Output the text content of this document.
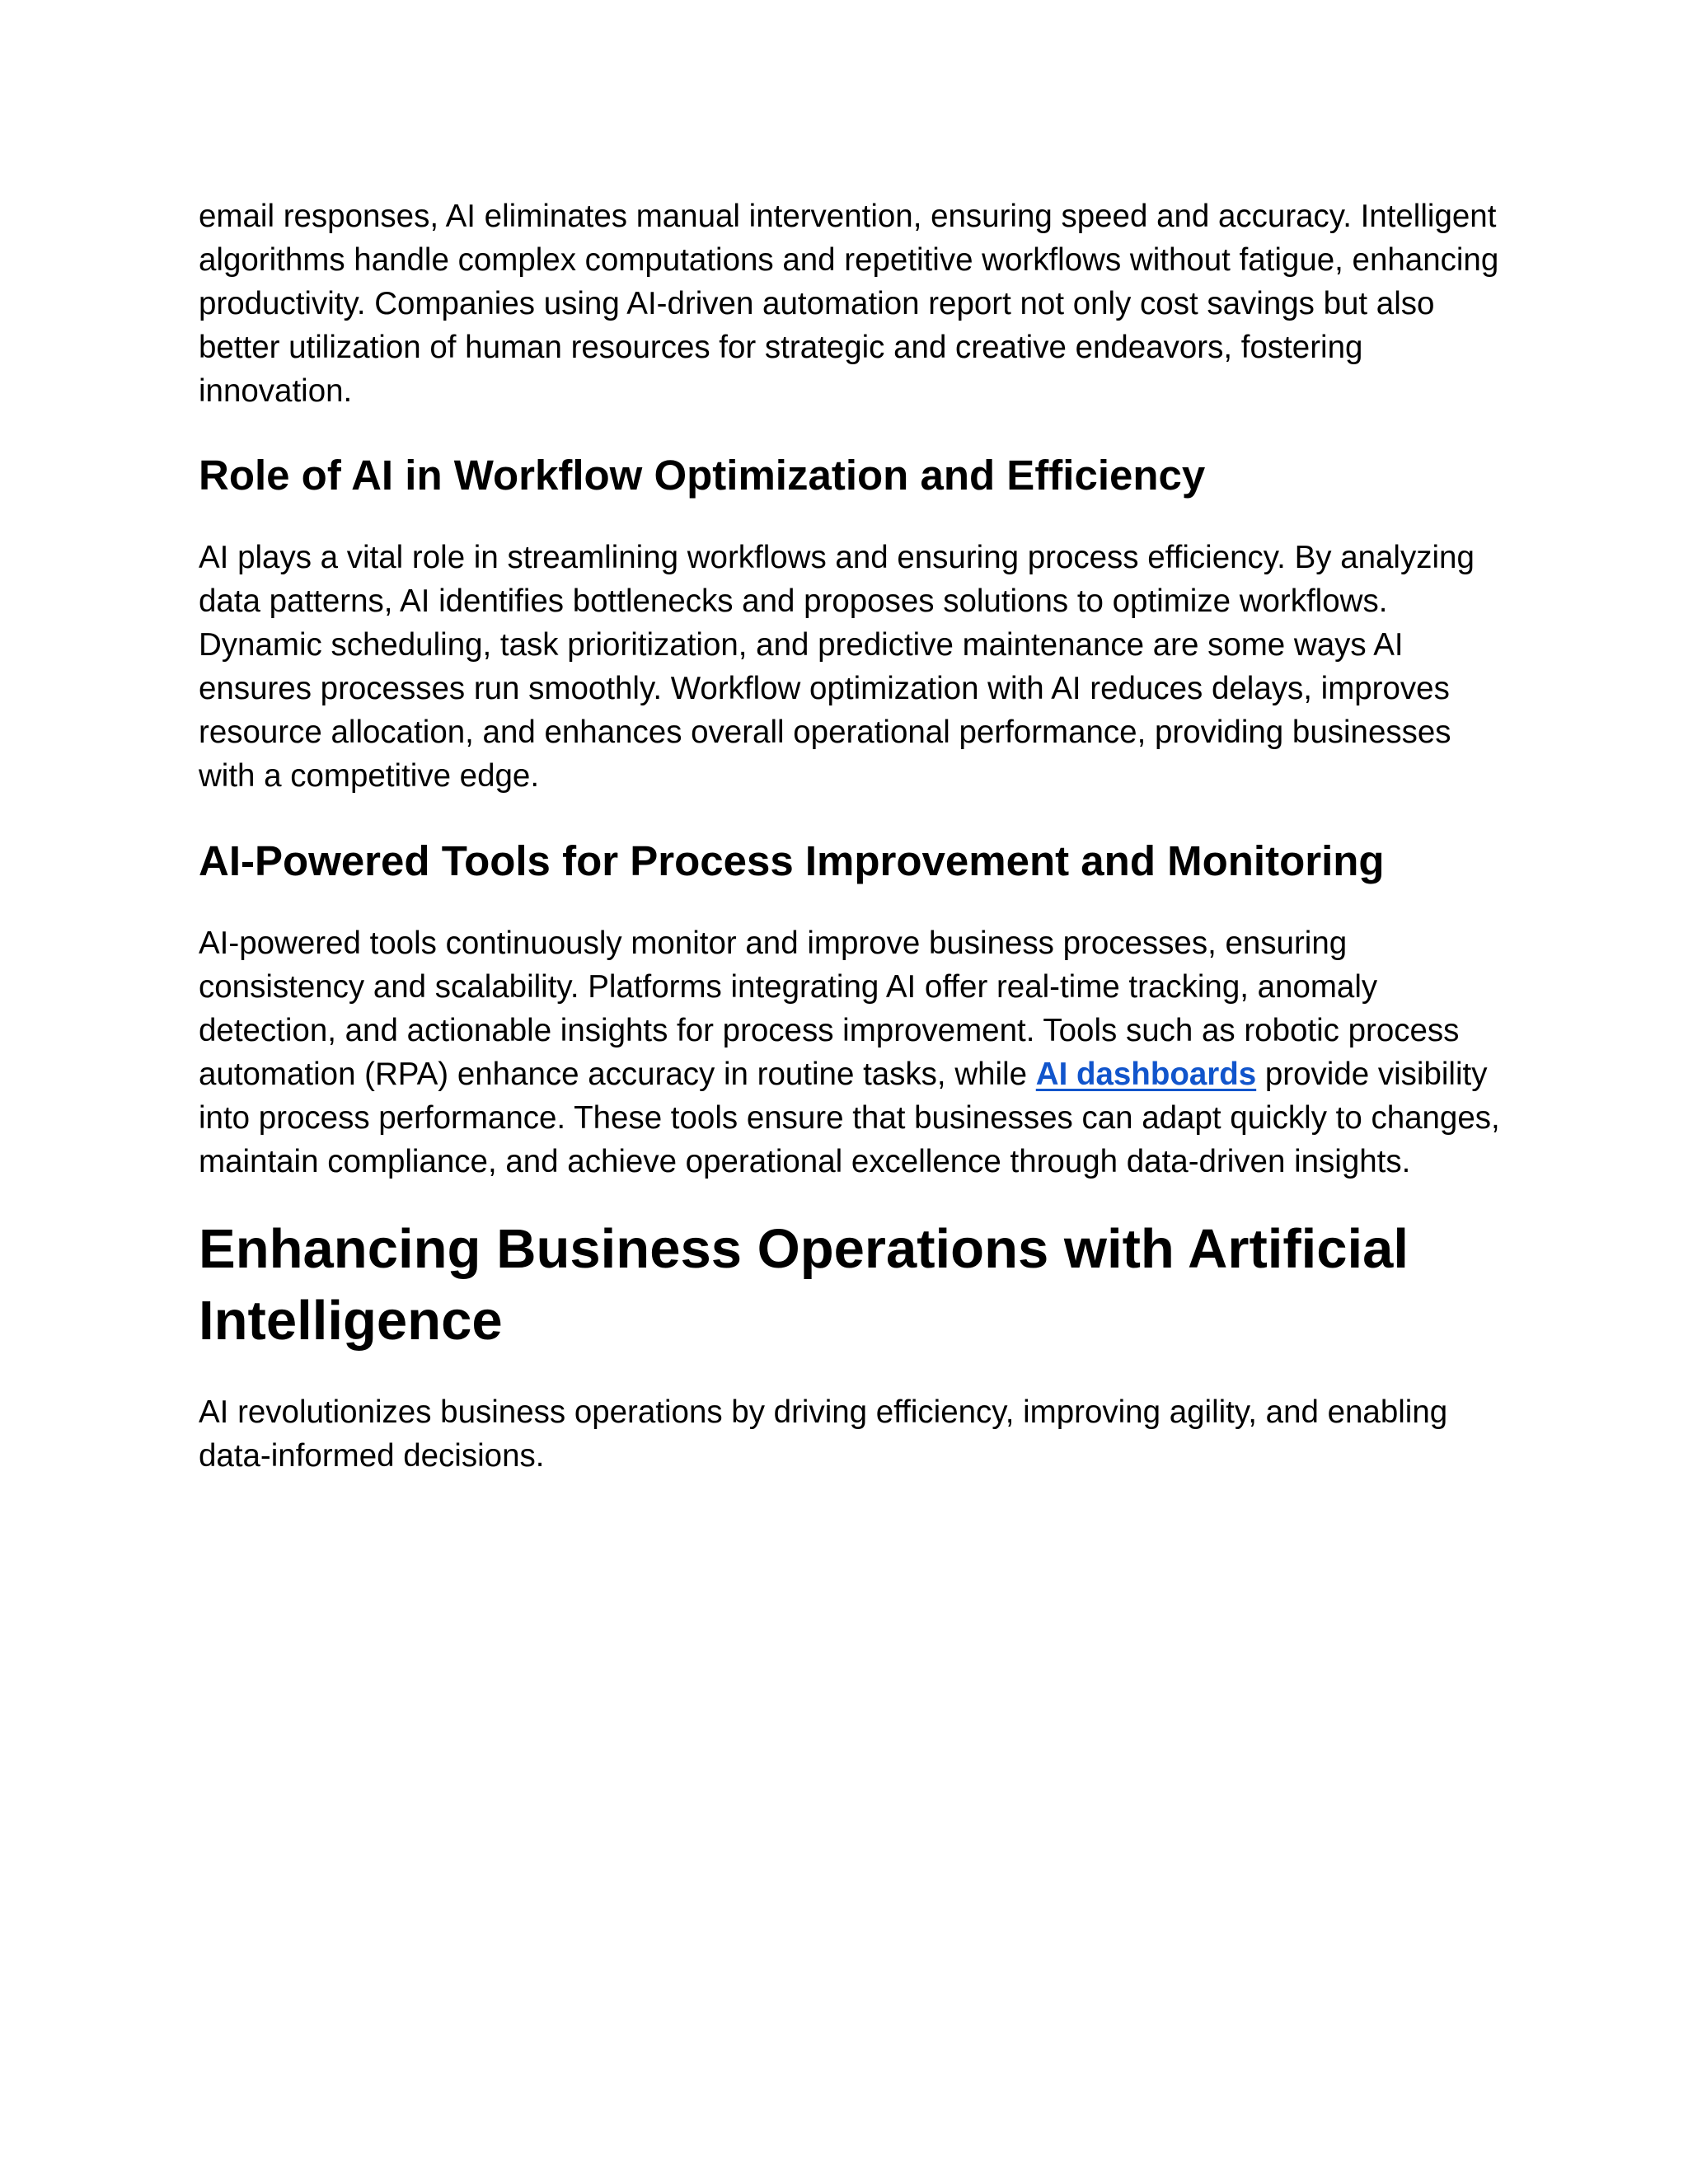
email responses, AI eliminates manual intervention, ensuring speed and accuracy. Intelligent algorithms handle complex computations and repetitive workflows without fatigue, enhancing productivity. Companies using AI-driven automation report not only cost savings but also better utilization of human resources for strategic and creative endeavors, fostering innovation.

Role of AI in Workflow Optimization and Efficiency

AI plays a vital role in streamlining workflows and ensuring process efficiency. By analyzing data patterns, AI identifies bottlenecks and proposes solutions to optimize workflows. Dynamic scheduling, task prioritization, and predictive maintenance are some ways AI ensures processes run smoothly. Workflow optimization with AI reduces delays, improves resource allocation, and enhances overall operational performance, providing businesses with a competitive edge.

AI-Powered Tools for Process Improvement and Monitoring

AI-powered tools continuously monitor and improve business processes, ensuring consistency and scalability. Platforms integrating AI offer real-time tracking, anomaly detection, and actionable insights for process improvement. Tools such as robotic process automation (RPA) enhance accuracy in routine tasks, while AI dashboards provide visibility into process performance. These tools ensure that businesses can adapt quickly to changes, maintain compliance, and achieve operational excellence through data-driven insights.

Enhancing Business Operations with Artificial Intelligence

AI revolutionizes business operations by driving efficiency, improving agility, and enabling data-informed decisions.
